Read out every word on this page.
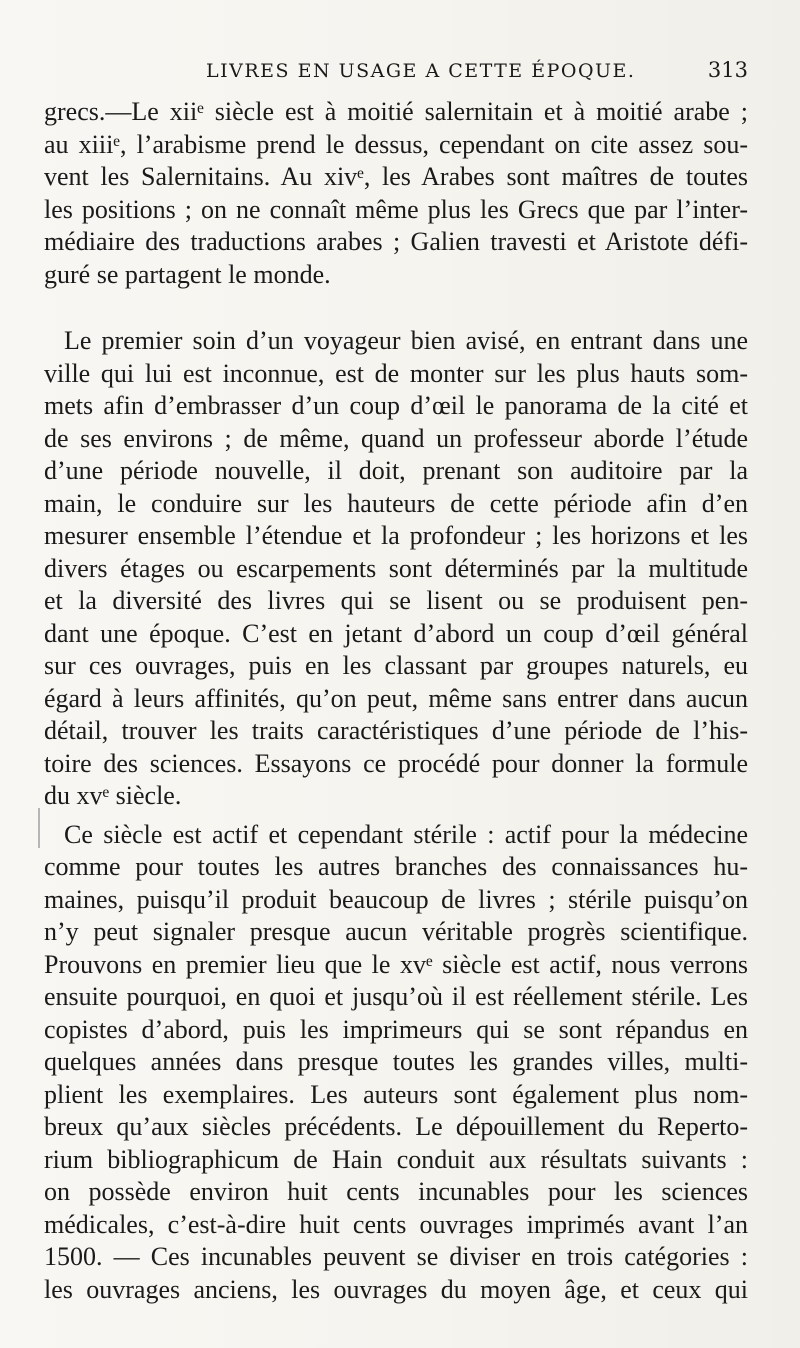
LIVRES EN USAGE A CETTE ÉPOQUE.	313
grecs.—Le xiiᵉ siècle est à moitié salernitain et à moitié arabe ;
au xiiiᵉ, l’arabisme prend le dessus, cependant on cite assez sou-
vent les Salernitains. Au xivᵉ, les Arabes sont maîtres de toutes
les positions ; on ne connaît même plus les Grecs que par l’inter-
médiaire des traductions arabes ; Galien travesti et Aristote défi-
guré se partagent le monde.
Le premier soin d’un voyageur bien avisé, en entrant dans une
ville qui lui est inconnue, est de monter sur les plus hauts som-
mets afin d’embrasser d’un coup d’œil le panorama de la cité et
de ses environs ; de même, quand un professeur aborde l’étude
d’une période nouvelle, il doit, prenant son auditoire par la
main, le conduire sur les hauteurs de cette période afin d’en
mesurer ensemble l’étendue et la profondeur ; les horizons et les
divers étages ou escarpements sont déterminés par la multitude
et la diversité des livres qui se lisent ou se produisent pen-
dant une époque. C’est en jetant d’abord un coup d’œil général
sur ces ouvrages, puis en les classant par groupes naturels, eu
égard à leurs affinités, qu’on peut, même sans entrer dans aucun
détail, trouver les traits caractéristiques d’une période de l’his-
toire des sciences. Essayons ce procédé pour donner la formule
du xvᵉ siècle.
Ce siècle est actif et cependant stérile : actif pour la médecine
comme pour toutes les autres branches des connaissances hu-
maines, puisqu’il produit beaucoup de livres ; stérile puisqu’on
n’y peut signaler presque aucun véritable progrès scientifique.
Prouvons en premier lieu que le xvᵉ siècle est actif, nous verrons
ensuite pourquoi, en quoi et jusqu’où il est réellement stérile. Les
copistes d’abord, puis les imprimeurs qui se sont répandus en
quelques années dans presque toutes les grandes villes, multi-
plient les exemplaires. Les auteurs sont également plus nom-
breux qu’aux siècles précédents. Le dépouillement du Reperto-
rium bibliographicum de Hain conduit aux résultats suivants :
on possède environ huit cents incunables pour les sciences
médicales, c’est-à-dire huit cents ouvrages imprimés avant l’an
1500. — Ces incunables peuvent se diviser en trois catégories :
les ouvrages anciens, les ouvrages du moyen âge, et ceux qui
